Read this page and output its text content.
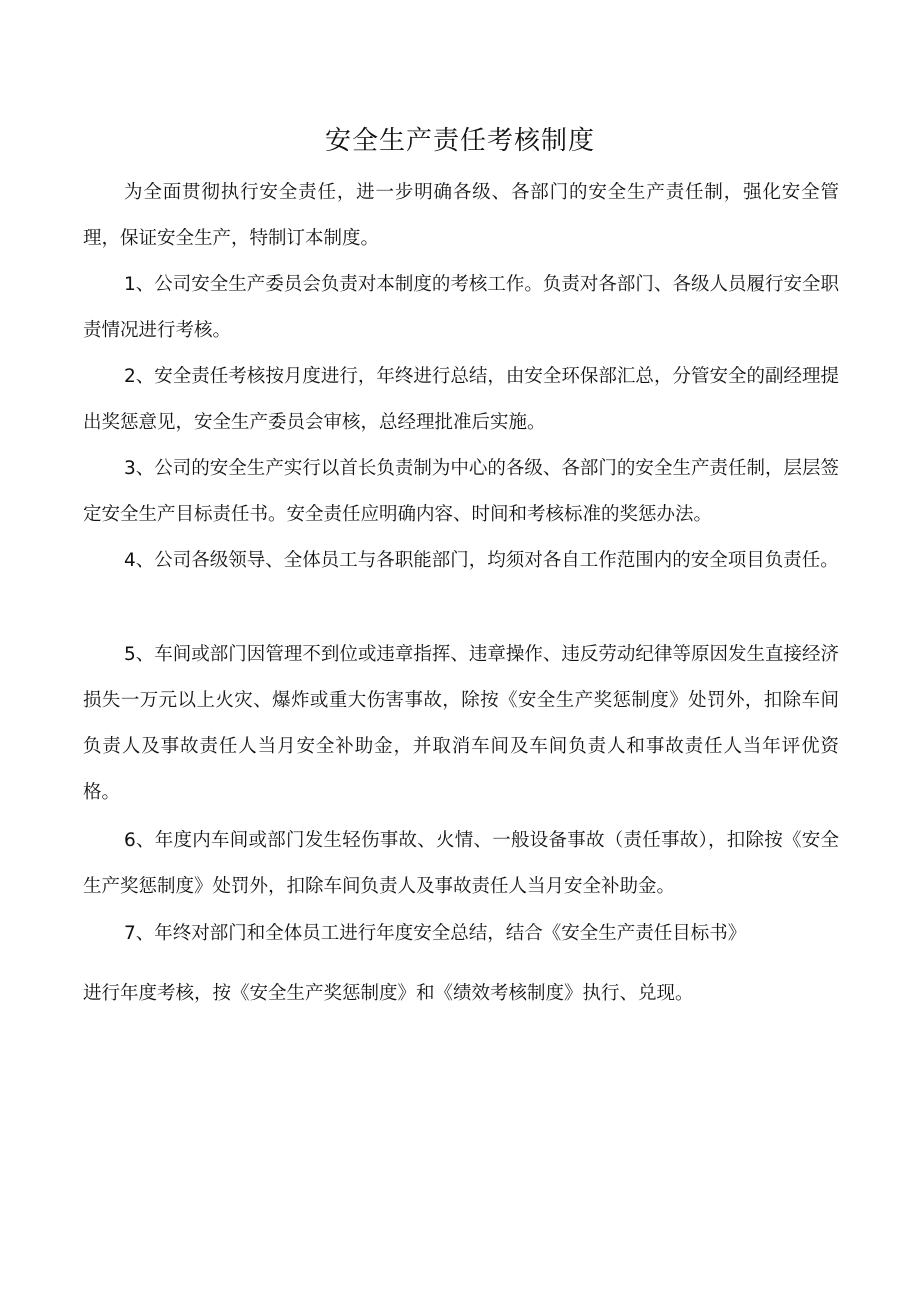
安全生产责任考核制度

为全面贯彻执行安全责任，进一步明确各级、各部门的安全生产责任制，强化安全管理，保证安全生产，特制订本制度。

1、公司安全生产委员会负责对本制度的考核工作。负责对各部门、各级人员履行安全职责情况进行考核。

2、安全责任考核按月度进行，年终进行总结，由安全环保部汇总，分管安全的副经理提出奖惩意见，安全生产委员会审核，总经理批准后实施。

3、公司的安全生产实行以首长负责制为中心的各级、各部门的安全生产责任制，层层签定安全生产目标责任书。安全责任应明确内容、时间和考核标准的奖惩办法。

4、公司各级领导、全体员工与各职能部门，均须对各自工作范围内的安全项目负责任。

5、车间或部门因管理不到位或违章指挥、违章操作、违反劳动纪律等原因发生直接经济损失一万元以上火灾、爆炸或重大伤害事故，除按《安全生产奖惩制度》处罚外，扣除车间负责人及事故责任人当月安全补助金，并取消车间及车间负责人和事故责任人当年评优资格。

6、年度内车间或部门发生轻伤事故、火情、一般设备事故（责任事故），扣除按《安全生产奖惩制度》处罚外，扣除车间负责人及事故责任人当月安全补助金。

7、年终对部门和全体员工进行年度安全总结，结合《安全生产责任目标书》

进行年度考核，按《安全生产奖惩制度》和《绩效考核制度》执行、兑现。
